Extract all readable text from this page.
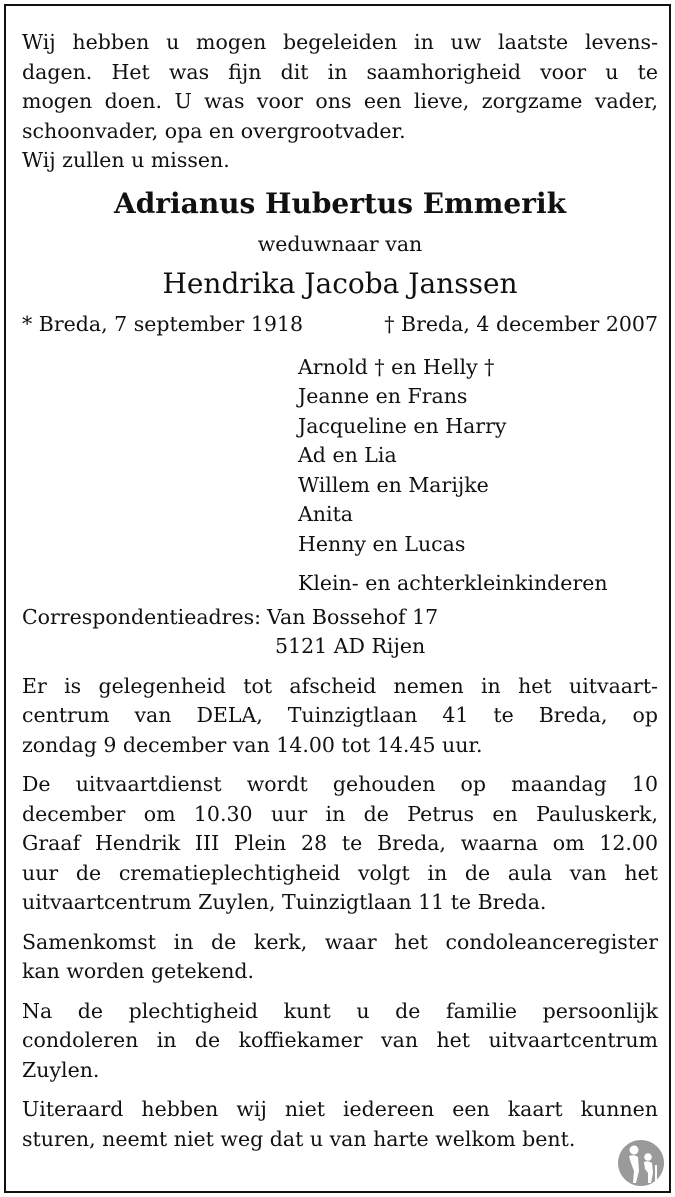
Wij hebben u mogen begeleiden in uw laatste levens-
dagen. Het was fijn dit in saamhorigheid voor u te
mogen doen. U was voor ons een lieve, zorgzame vader,
schoonvader, opa en overgrootvader.
Wij zullen u missen.
Adrianus Hubertus Emmerik
weduwnaar van
Hendrika Jacoba Janssen
* Breda, 7 september 1918	† Breda, 4 december 2007
Arnold † en Helly †
Jeanne en Frans
Jacqueline en Harry
Ad en Lia
Willem en Marijke
Anita
Henny en Lucas
Klein- en achterkleinkinderen
Correspondentieadres: Van Bossehof 17
5121 AD Rijen
Er is gelegenheid tot afscheid nemen in het uitvaart-
centrum van DELA, Tuinzigtlaan 41 te Breda, op
zondag 9 december van 14.00 tot 14.45 uur.
De uitvaartdienst wordt gehouden op maandag 10
december om 10.30 uur in de Petrus en Pauluskerk,
Graaf Hendrik III Plein 28 te Breda, waarna om 12.00
uur de crematieplechtigheid volgt in de aula van het
uitvaartcentrum Zuylen, Tuinzigtlaan 11 te Breda.
Samenkomst in de kerk, waar het condoleanceregister
kan worden getekend.
Na de plechtigheid kunt u de familie persoonlijk
condoleren in de koffiekamer van het uitvaartcentrum
Zuylen.
Uiteraard hebben wij niet iedereen een kaart kunnen
sturen, neemt niet weg dat u van harte welkom bent.
